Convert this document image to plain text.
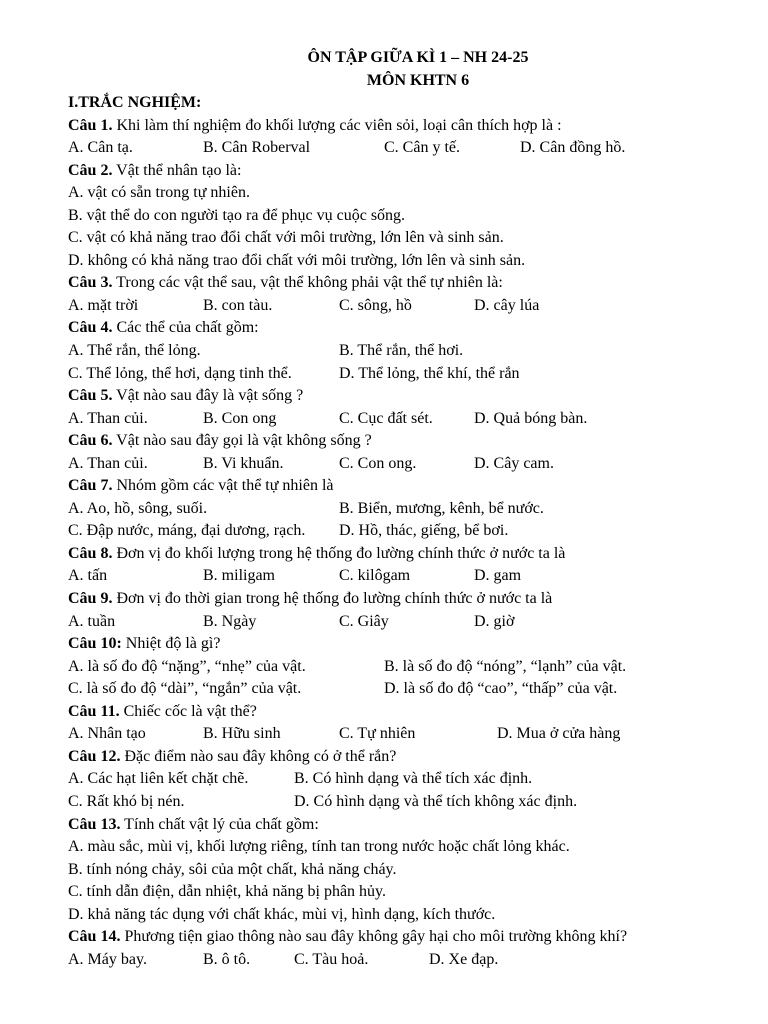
ÔN TẬP GIỮA KÌ 1 – NH 24-25
MÔN KHTN 6
I.TRẮC NGHIỆM:
Câu 1. Khi làm thí nghiệm đo khối lượng các viên sỏi, loại cân thích hợp là :
A. Cân tạ.	B. Cân Roberval	C. Cân y tế.	D. Cân đồng hồ.
Câu 2. Vật thể nhân tạo là:
A. vật có sẵn trong tự nhiên.
B. vật thể do con người tạo ra để phục vụ cuộc sống.
C. vật có khả năng trao đổi chất với môi trường, lớn lên và sinh sản.
D. không có khả năng trao đổi chất với môi trường, lớn lên và sinh sản.
Câu 3. Trong các vật thể sau, vật thể không phải vật thể tự nhiên là:
A. mặt trời	B. con tàu.	C. sông, hồ	D. cây lúa
Câu 4. Các thể của chất gồm:
A. Thể rắn, thể lỏng.	B. Thể rắn, thể hơi.
C. Thể lỏng, thể hơi, dạng tinh thể.	D. Thể lỏng, thể khí, thể rắn
Câu 5. Vật nào sau đây là vật sống ?
A. Than củi.	B. Con ong	C. Cục đất sét.	D. Quả bóng bàn.
Câu 6. Vật nào sau đây gọi là vật không sống ?
A. Than củi.	B. Vi khuẩn.	C. Con ong.	D. Cây cam.
Câu 7. Nhóm gồm các vật thể tự nhiên là
A. Ao, hồ, sông, suối.	B. Biển, mương, kênh, bể nước.
C. Đập nước, máng, đại dương, rạch. D. Hồ, thác, giếng, bể bơi.
Câu 8. Đơn vị đo khối lượng trong hệ thống đo lường chính thức ở nước ta là
A. tấn	B. miligam	C. kilôgam	D. gam
Câu 9. Đơn vị đo thời gian trong hệ thống đo lường chính thức ở nước ta là
A. tuần	B. Ngày	C. Giây	D. giờ
Câu 10: Nhiệt độ là gì?
A. là số đo độ “nặng”, “nhẹ” của vật.	B. là số đo độ “nóng”, “lạnh” của vật.
C. là số đo độ “dài”, “ngắn” của vật.	D. là số đo độ “cao”, “thấp” của vật.
Câu 11. Chiếc cốc là vật thể?
A. Nhân tạo	B. Hữu sinh	C. Tự nhiên	D. Mua ở cửa hàng
Câu 12. Đặc điểm nào sau đây không có ở thể rắn?
A. Các hạt liên kết chặt chẽ.	B. Có hình dạng và thể tích xác định.
C. Rất khó bị nén.	D. Có hình dạng và thể tích không xác định.
Câu 13. Tính chất vật lý của chất gồm:
A. màu sắc, mùi vị, khối lượng riêng, tính tan trong nước hoặc chất lỏng khác.
B. tính nóng chảy, sôi của một chất, khả năng cháy.
C. tính dẫn điện, dẫn nhiệt, khả năng bị phân hủy.
D. khả năng tác dụng với chất khác, mùi vị, hình dạng, kích thước.
Câu 14. Phương tiện giao thông nào sau đây không gây hại cho môi trường không khí?
A. Máy bay.	B. ô tô.	C. Tàu hoả.	D. Xe đạp.
